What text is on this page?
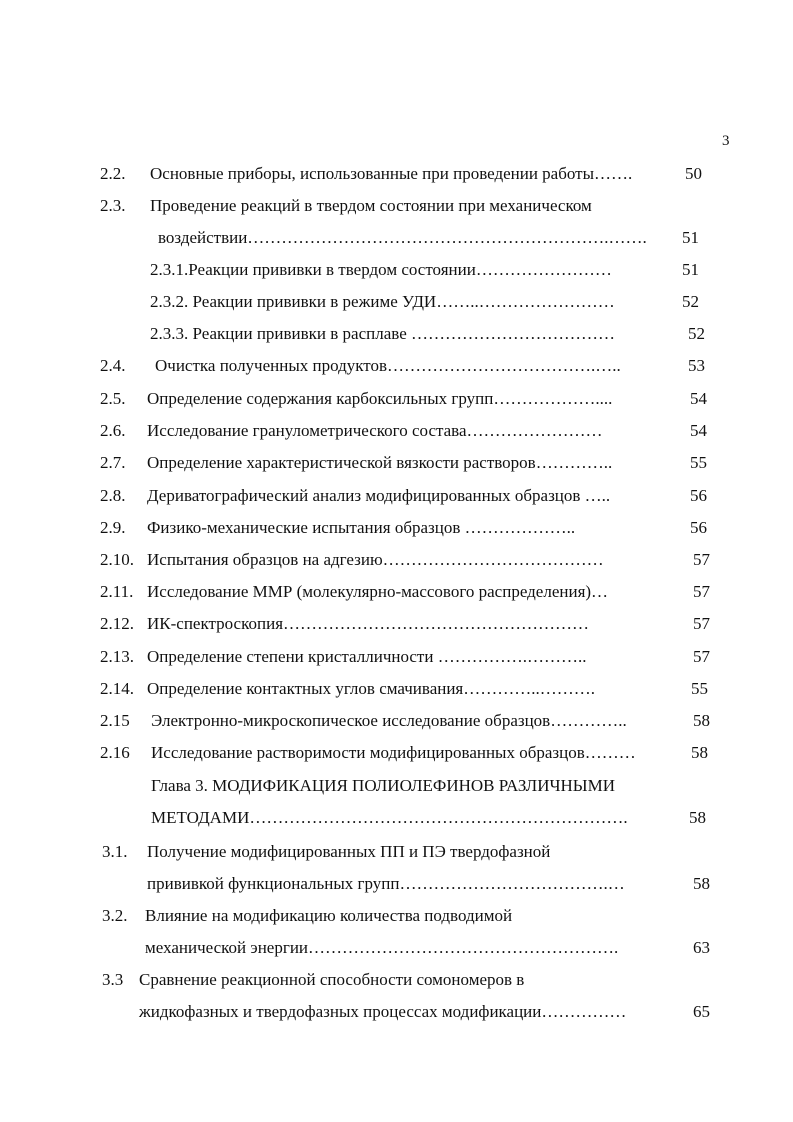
3
2.2. Основные приборы, использованные при проведении работы…….	50
2.3. Проведение реакций в твердом состоянии при механическом
воздействии……………………………………………………….……. 51
2.3.1.Реакции прививки в твердом состоянии……………………	51
2.3.2. Реакции прививки в режиме УДИ……..……………………	52
2.3.3. Реакции прививки в расплаве ………………………………	52
2.4. Очистка полученных продуктов……………………………….…..	53
2.5. Определение содержания карбоксильных групп………………....	54
2.6. Исследование гранулометрического состава……………………	54
2.7. Определение характеристической вязкости растворов…………..	55
2.8. Дериватографический анализ модифицированных образцов …..	56
2.9. Физико-механические испытания образцов ………………..	56
2.10. Испытания образцов на адгезию…………………………………	57
2.11. Исследование ММР (молекулярно-массового распределения)…	57
2.12. ИК-спектроскопия………………………………………………	57
2.13. Определение степени кристалличности …………….………..	57
2.14. Определение контактных углов смачивания…………..……….	55
2.15 Электронно-микроскопическое исследование образцов…………..	58
2.16 Исследование растворимости модифицированных образцов………	58
Глава 3. МОДИФИКАЦИЯ ПОЛИОЛЕФИНОВ РАЗЛИЧНЫМИ
МЕТОДАМИ………………………………………………………….	58
3.1. Получение модифицированных ПП и ПЭ твердофазной
прививкой функциональных групп……………………………….…	58
3.2. Влияние на модификацию количества подводимой
механической энергии……………………………………………….	63
3.3 Сравнение реакционной способности сомономеров в
жидкофазных и твердофазных процессах модификации……………	65
